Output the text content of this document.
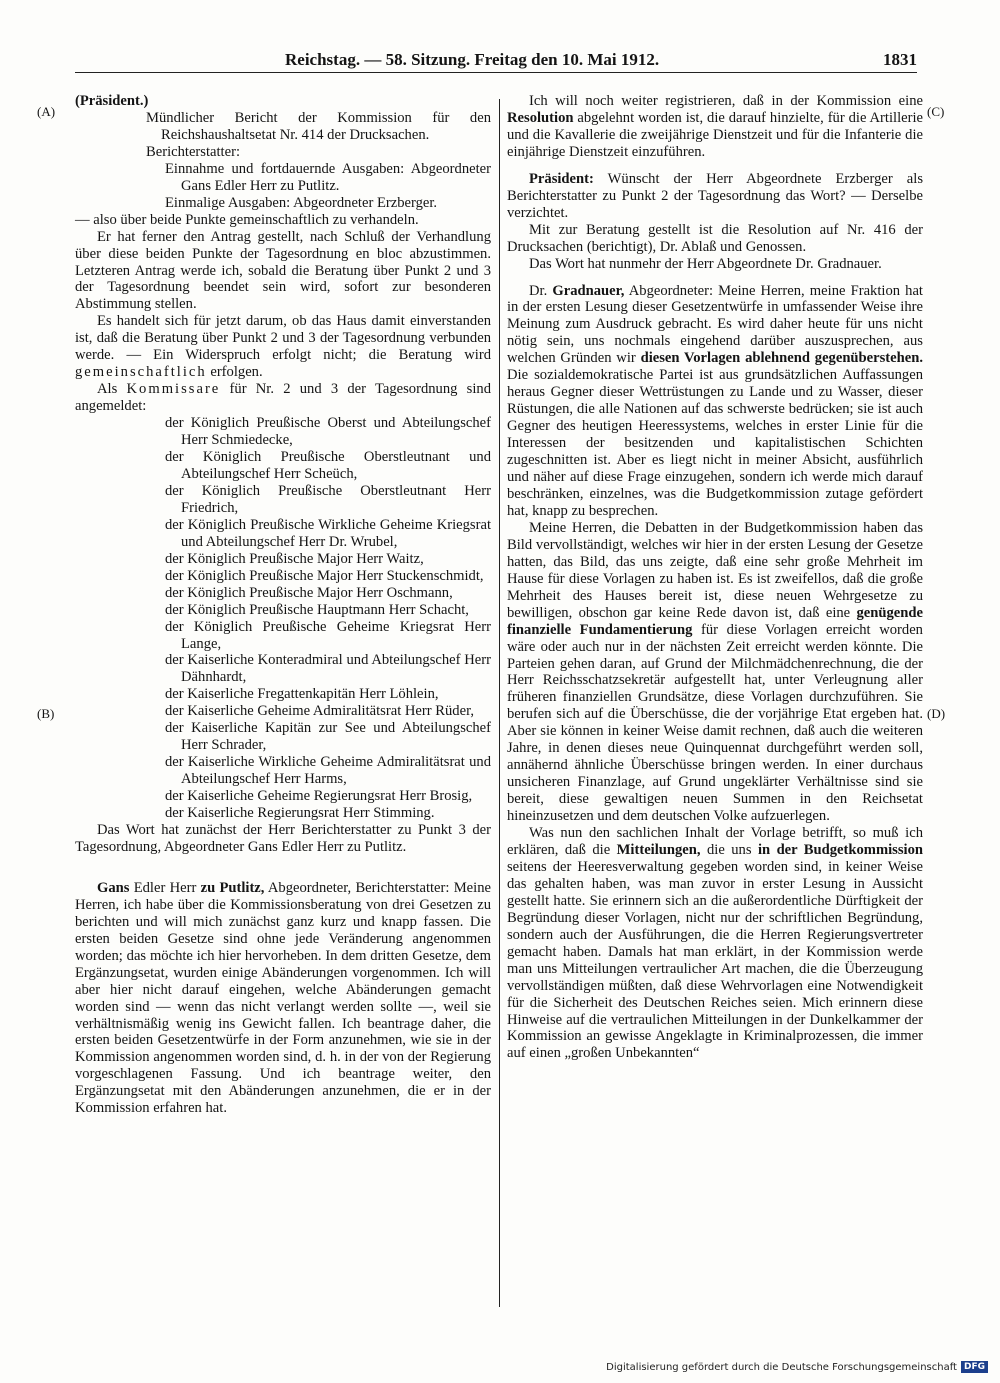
Reichstag. — 58. Sitzung. Freitag den 10. Mai 1912.	1831
(A)
(B)
(C)
(D)

(Präsident.)

Mündlicher Bericht der Kommission für den Reichshaushaltsetat Nr. 414 der Drucksachen.

Berichterstatter:

Einnahme und fortdauernde Ausgaben: Abgeordneter Gans Edler Herr zu Putlitz.

Einmalige Ausgaben: Abgeordneter Erzberger.

— also über beide Punkte gemeinschaftlich zu verhandeln.

Er hat ferner den Antrag gestellt, nach Schluß der Verhandlung über diese beiden Punkte der Tagesordnung en bloc abzustimmen. Letzteren Antrag werde ich, sobald die Beratung über Punkt 2 und 3 der Tagesordnung beendet sein wird, sofort zur besonderen Abstimmung stellen.

Es handelt sich für jetzt darum, ob das Haus damit einverstanden ist, daß die Beratung über Punkt 2 und 3 der Tagesordnung verbunden werde. — Ein Widerspruch erfolgt nicht; die Beratung wird gemeinschaftlich erfolgen.

Als Kommissare für Nr. 2 und 3 der Tagesordnung sind angemeldet:

der Königlich Preußische Oberst und Abteilungschef Herr Schmiedecke,

der Königlich Preußische Oberstleutnant und Abteilungschef Herr Scheüch,

der Königlich Preußische Oberstleutnant Herr Friedrich,

der Königlich Preußische Wirkliche Geheime Kriegsrat und Abteilungschef Herr Dr. Wrubel,

der Königlich Preußische Major Herr Waitz,

der Königlich Preußische Major Herr Stuckenschmidt,

der Königlich Preußische Major Herr Oschmann,

der Königlich Preußische Hauptmann Herr Schacht,

der Königlich Preußische Geheime Kriegsrat Herr Lange,

der Kaiserliche Konteradmiral und Abteilungschef Herr Dähnhardt,

der Kaiserliche Fregattenkapitän Herr Löhlein,

der Kaiserliche Geheime Admiralitätsrat Herr Rüder,

der Kaiserliche Kapitän zur See und Abteilungschef Herr Schrader,

der Kaiserliche Wirkliche Geheime Admiralitätsrat und Abteilungschef Herr Harms,

der Kaiserliche Geheime Regierungsrat Herr Brosig,

der Kaiserliche Regierungsrat Herr Stimming.

Das Wort hat zunächst der Herr Berichterstatter zu Punkt 3 der Tagesordnung, Abgeordneter Gans Edler Herr zu Putlitz.

Gans Edler Herr zu Putlitz, Abgeordneter, Berichterstatter: Meine Herren, ich habe über die Kommissionsberatung von drei Gesetzen zu berichten und will mich zunächst ganz kurz und knapp fassen. Die ersten beiden Gesetze sind ohne jede Veränderung angenommen worden; das möchte ich hier hervorheben. In dem dritten Gesetze, dem Ergänzungsetat, wurden einige Abänderungen vorgenommen. Ich will aber hier nicht darauf eingehen, welche Abänderungen gemacht worden sind — wenn das nicht verlangt werden sollte —, weil sie verhältnismäßig wenig ins Gewicht fallen. Ich beantrage daher, die ersten beiden Gesetzentwürfe in der Form anzunehmen, wie sie in der Kommission angenommen worden sind, d. h. in der von der Regierung vorgeschlagenen Fassung. Und ich beantrage weiter, den Ergänzungsetat mit den Abänderungen anzunehmen, die er in der Kommission erfahren hat.

Ich will noch weiter registrieren, daß in der Kommission eine Resolution abgelehnt worden ist, die darauf hinzielte, für die Artillerie und die Kavallerie die zweijährige Dienstzeit und für die Infanterie die einjährige Dienstzeit einzuführen.

Präsident: Wünscht der Herr Abgeordnete Erzberger als Berichterstatter zu Punkt 2 der Tagesordnung das Wort? — Derselbe verzichtet.

Mit zur Beratung gestellt ist die Resolution auf Nr. 416 der Drucksachen (berichtigt), Dr. Ablaß und Genossen.

Das Wort hat nunmehr der Herr Abgeordnete Dr. Gradnauer.

Dr. Gradnauer, Abgeordneter: Meine Herren, meine Fraktion hat in der ersten Lesung dieser Gesetzentwürfe in umfassender Weise ihre Meinung zum Ausdruck gebracht. Es wird daher heute für uns nicht nötig sein, uns nochmals eingehend darüber auszusprechen, aus welchen Gründen wir diesen Vorlagen ablehnend gegenüberstehen. Die sozialdemokratische Partei ist aus grundsätzlichen Auffassungen heraus Gegner dieser Wettrüstungen zu Lande und zu Wasser, dieser Rüstungen, die alle Nationen auf das schwerste bedrücken; sie ist auch Gegner des heutigen Heeressystems, welches in erster Linie für die Interessen der besitzenden und kapitalistischen Schichten zugeschnitten ist. Aber es liegt nicht in meiner Absicht, ausführlich und näher auf diese Frage einzugehen, sondern ich werde mich darauf beschränken, einzelnes, was die Budgetkommission zutage gefördert hat, knapp zu besprechen.

Meine Herren, die Debatten in der Budgetkommission haben das Bild vervollständigt, welches wir hier in der ersten Lesung der Gesetze hatten, das Bild, das uns zeigte, daß eine sehr große Mehrheit im Hause für diese Vorlagen zu haben ist. Es ist zweifellos, daß die große Mehrheit des Hauses bereit ist, diese neuen Wehrgesetze zu bewilligen, obschon gar keine Rede davon ist, daß eine genügende finanzielle Fundamentierung für diese Vorlagen erreicht worden wäre oder auch nur in der nächsten Zeit erreicht werden könnte. Die Parteien gehen daran, auf Grund der Milchmädchenrechnung, die der Herr Reichsschatzsekretär aufgestellt hat, unter Verleugnung aller früheren finanziellen Grundsätze, diese Vorlagen durchzuführen. Sie berufen sich auf die Überschüsse, die der vorjährige Etat ergeben hat. Aber sie können in keiner Weise damit rechnen, daß auch die weiteren Jahre, in denen dieses neue Quinquennat durchgeführt werden soll, annähernd ähnliche Überschüsse bringen werden. In einer durchaus unsicheren Finanzlage, auf Grund ungeklärter Verhältnisse sind sie bereit, diese gewaltigen neuen Summen in den Reichsetat hineinzusetzen und dem deutschen Volke aufzuerlegen.

Was nun den sachlichen Inhalt der Vorlage betrifft, so muß ich erklären, daß die Mitteilungen, die uns in der Budgetkommission seitens der Heeresverwaltung gegeben worden sind, in keiner Weise das gehalten haben, was man zuvor in erster Lesung in Aussicht gestellt hatte. Sie erinnern sich an die außerordentliche Dürftigkeit der Begründung dieser Vorlagen, nicht nur der schriftlichen Begründung, sondern auch der Ausführungen, die die Herren Regierungsvertreter gemacht haben. Damals hat man erklärt, in der Kommission werde man uns Mitteilungen vertraulicher Art machen, die die Überzeugung vervollständigen müßten, daß diese Wehrvorlagen eine Notwendigkeit für die Sicherheit des Deutschen Reiches seien. Mich erinnern diese Hinweise auf die vertraulichen Mitteilungen in der Dunkelkammer der Kommission an gewisse Angeklagte in Kriminalprozessen, die immer auf einen „großen Unbekannten“

Digitalisierung gefördert durch die Deutsche Forschungsgemeinschaft DFG
